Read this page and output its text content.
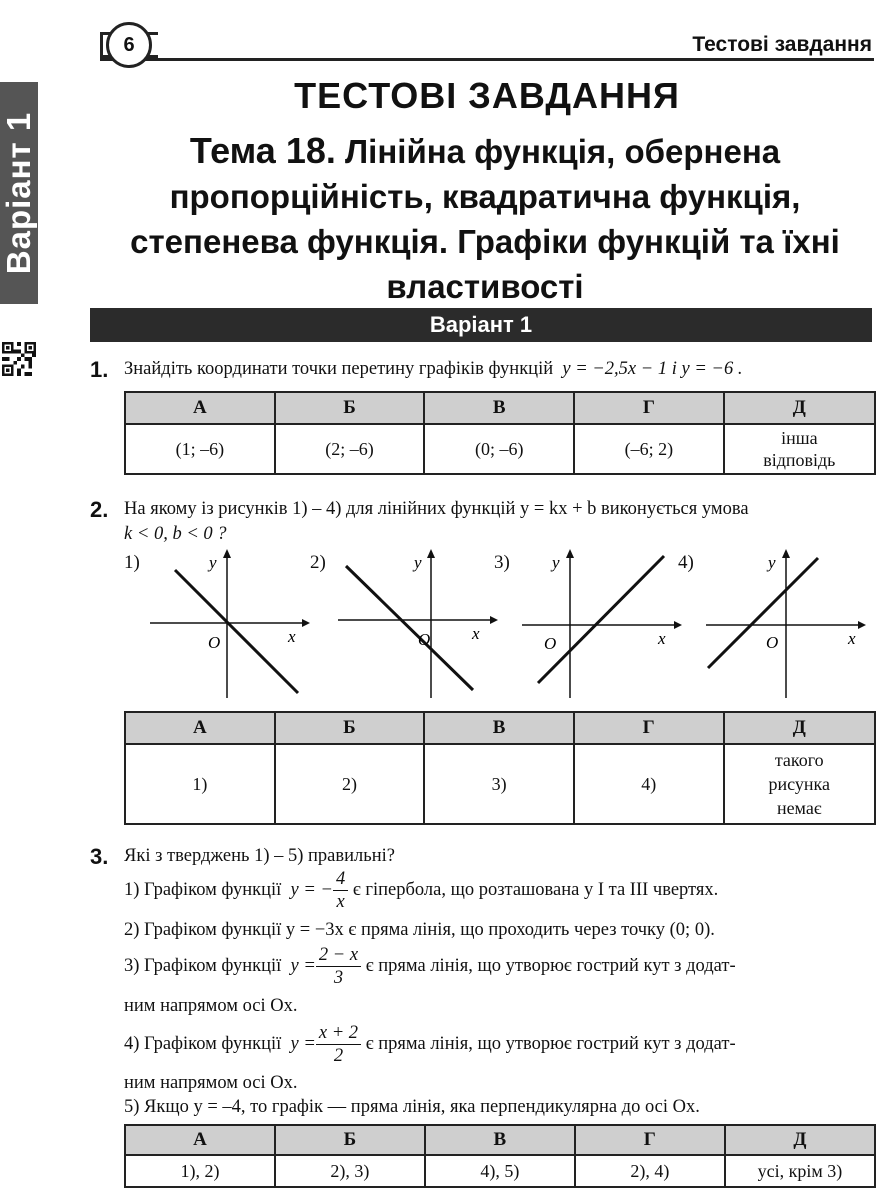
6	Тестові завдання
Варіант 1
ТЕСТОВІ ЗАВДАННЯ
Тема 18. Лінійна функція, обернена
пропорційність, квадратична функція,
степенева функція. Графіки функцій та їхні
властивості
Варіант 1
1. Знайдіть координати точки перетину графіків функцій y = −2,5x − 1 і y = −6 .
А	Б	В	Г	Д
(1; –6)	(2; –6)	(0; –6)	(–6; 2)	інша відповідь
2. На якому із рисунків 1) – 4) для лінійних функцій y = kx + b виконується умова
k < 0, b < 0 ?
1)	2)	3)	4)
O
y
x	O
y
x
O
y
x	O
y
x
А	Б	В	Г	Д
1)	2)	3)	4)	такого рисунка немає
3. Які з тверджень 1) – 5) правильні?
1) Графіком функції y = − $\frac{4}{x}$ є гіпербола, що розташована у І та ІІІ чвертях.
2) Графіком функції y = −3x є пряма лінія, що проходить через точку (0; 0).
3) Графіком функції $y = \frac{2 - x}{3}$ є пряма лінія, що утворює гострий кут з додат-
ним напрямом осі Ox.
4) Графіком функції $y = \frac{x + 2}{2}$ є пряма лінія, що утворює гострий кут з додат-
ним напрямом осі Ox.
5) Якщо y = –4, то графік — пряма лінія, яка перпендикулярна до осі Ox.
А	Б	В	Г	Д
1), 2)	2), 3)	4), 5)	2), 4)	усі, крім 3)
